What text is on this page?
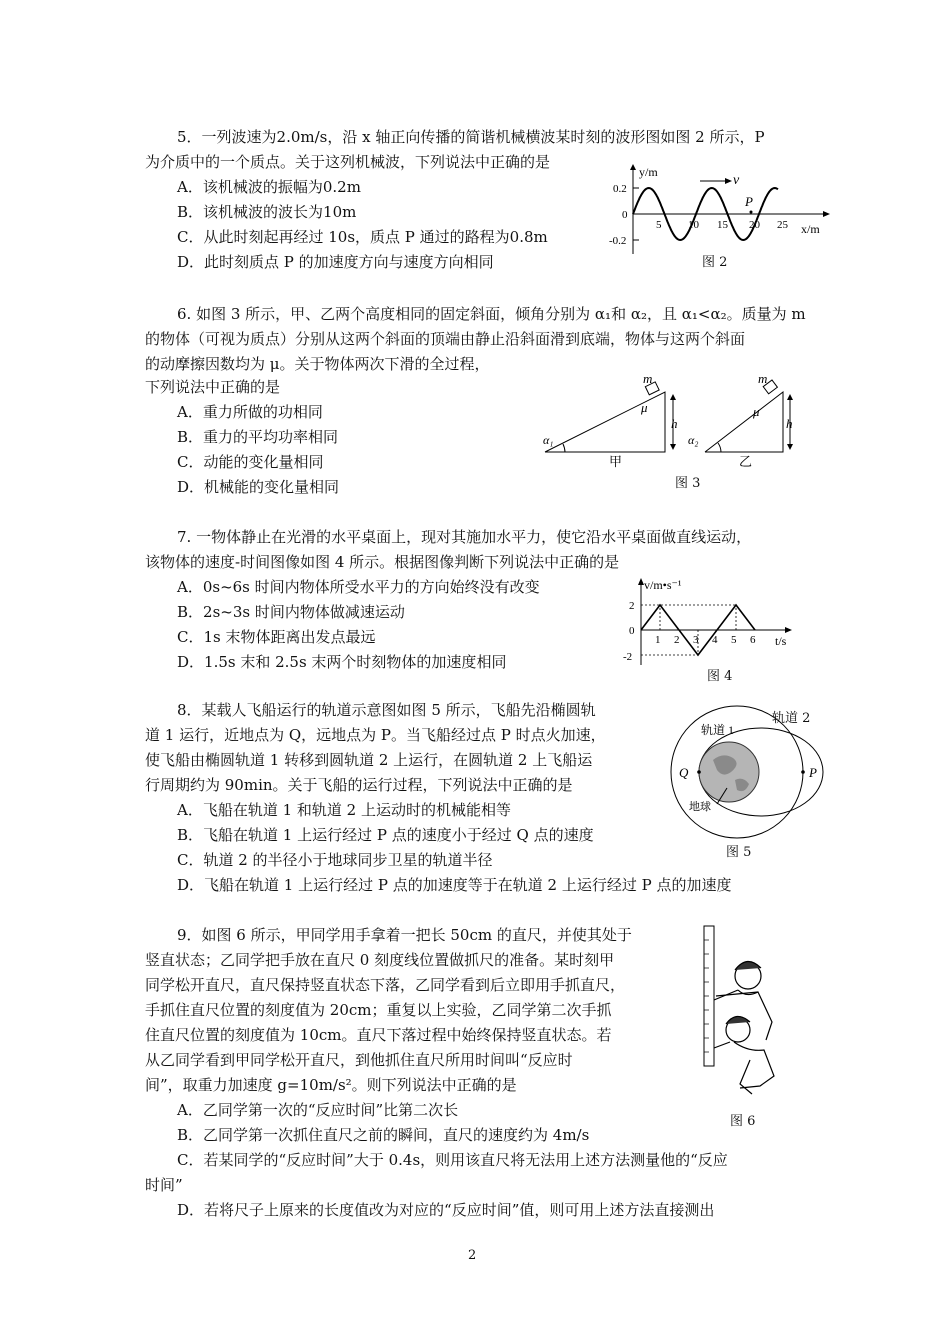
5．一列波速为2.0m/s，沿 x 轴正向传播的简谐机械横波某时刻的波形图如图 2 所示，P
为介质中的一个质点。关于这列机械波，下列说法中正确的是
A．该机械波的振幅为0.2m
B．该机械波的波长为10m
C．从此时刻起再经过 10s，质点 P 通过的路程为0.8m
D．此时刻质点 P 的加速度方向与速度方向相同
v
P
y/m
x/m
0.2
0
-0.2
5 10 15 20 25
图 2
6. 如图 3 所示，甲、乙两个高度相同的固定斜面，倾角分别为 α₁和 α₂，且 α₁<α₂。质量为 m
的物体（可视为质点）分别从这两个斜面的顶端由静止沿斜面滑到底端，物体与这两个斜面
的动摩擦因数均为 μ。关于物体两次下滑的全过程，
下列说法中正确的是
A．重力所做的功相同
B．重力的平均功率相同
C．动能的变化量相同
D．机械能的变化量相同
m
μ
h
α₁
甲
m
μ
h
α₂
乙
图 3
7. 一物体静止在光滑的水平桌面上，现对其施加水平力，使它沿水平桌面做直线运动，
该物体的速度-时间图像如图 4 所示。根据图像判断下列说法中正确的是
A．0s~6s 时间内物体所受水平力的方向始终没有改变
B．2s~3s 时间内物体做减速运动
C．1s 末物体距离出发点最远
D．1.5s 末和 2.5s 末两个时刻物体的加速度相同
v/m•s⁻¹
t/s
2
0
-2
1 2 3 4 5 6
图 4
8．某载人飞船运行的轨道示意图如图 5 所示，飞船先沿椭圆轨
道 1 运行，近地点为 Q，远地点为 P。当飞船经过点 P 时点火加速，
使飞船由椭圆轨道 1 转移到圆轨道 2 上运行，在圆轨道 2 上飞船运
行周期约为 90min。关于飞船的运行过程，下列说法中正确的是
A．飞船在轨道 1 和轨道 2 上运动时的机械能相等
B．飞船在轨道 1 上运行经过 P 点的速度小于经过 Q 点的速度
C．轨道 2 的半径小于地球同步卫星的轨道半径
D．飞船在轨道 1 上运行经过 P 点的加速度等于在轨道 2 上运行经过 P 点的加速度
Q	P
轨道 1
地球
轨道 2
图 5
9．如图 6 所示，甲同学用手拿着一把长 50cm 的直尺，并使其处于
竖直状态；乙同学把手放在直尺 0 刻度线位置做抓尺的准备。某时刻甲
同学松开直尺，直尺保持竖直状态下落，乙同学看到后立即用手抓直尺，
手抓住直尺位置的刻度值为 20cm；重复以上实验，乙同学第二次手抓
住直尺位置的刻度值为 10cm。直尺下落过程中始终保持竖直状态。若
从乙同学看到甲同学松开直尺，到他抓住直尺所用时间叫“反应时
间”，取重力加速度 g=10m/s²。则下列说法中正确的是
A．乙同学第一次的“反应时间”比第二次长
B．乙同学第一次抓住直尺之前的瞬间，直尺的速度约为 4m/s
C．若某同学的“反应时间”大于 0.4s，则用该直尺将无法用上述方法测量他的“反应
时间”
D．若将尺子上原来的长度值改为对应的“反应时间”值，则可用上述方法直接测出
图 6
2
